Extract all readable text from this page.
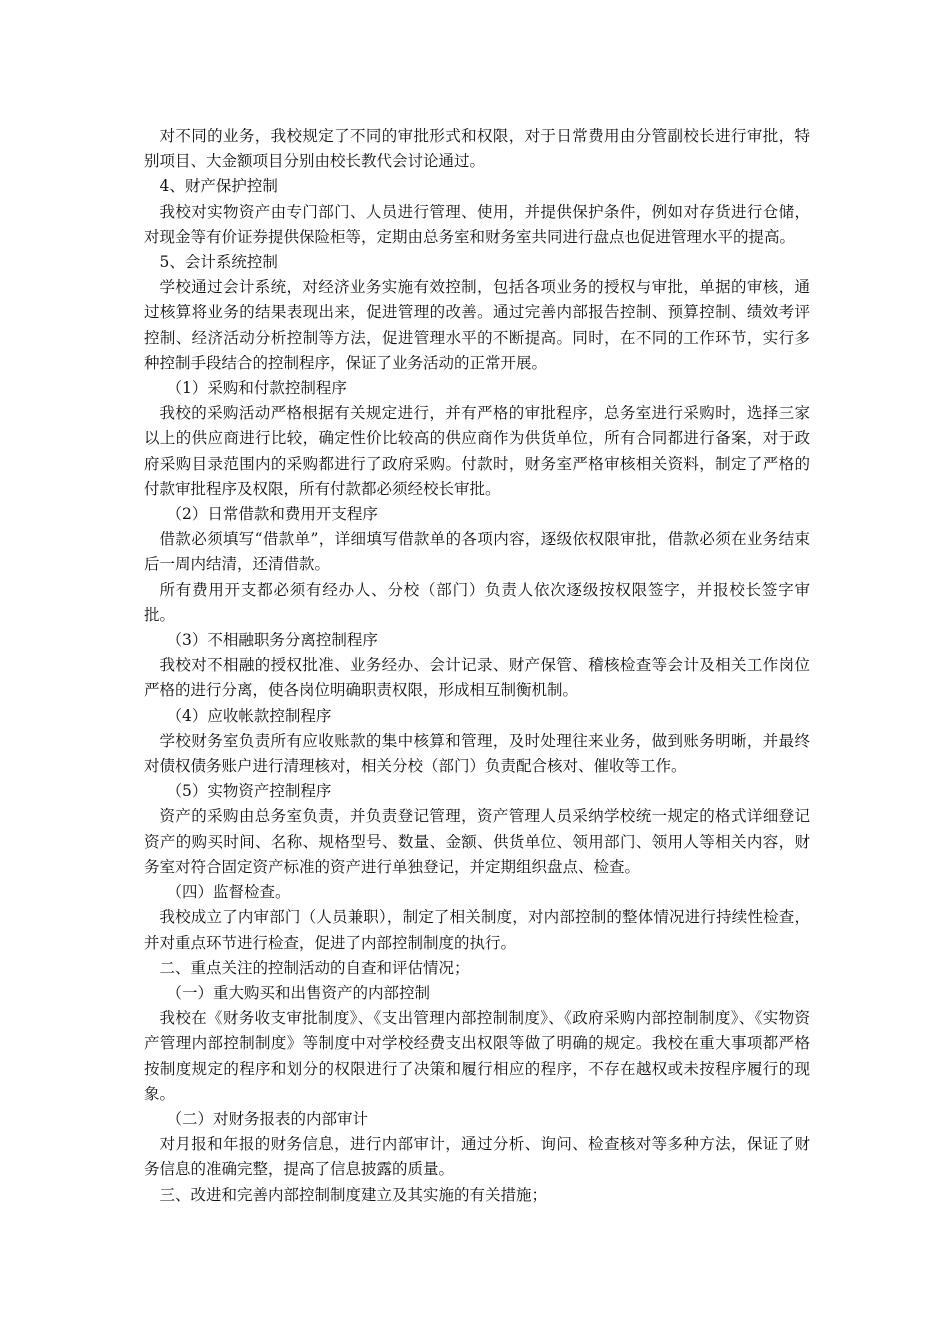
对不同的业务，我校规定了不同的审批形式和权限，对于日常费用由分管副校长进行审批，特别项目、大金额项目分别由校长教代会讨论通过。

4、财产保护控制

我校对实物资产由专门部门、人员进行管理、使用，并提供保护条件，例如对存货进行仓储，对现金等有价证券提供保险柜等，定期由总务室和财务室共同进行盘点也促进管理水平的提高。

5、会计系统控制

学校通过会计系统，对经济业务实施有效控制，包括各项业务的授权与审批，单据的审核，通过核算将业务的结果表现出来，促进管理的改善。通过完善内部报告控制、预算控制、绩效考评控制、经济活动分析控制等方法，促进管理水平的不断提高。同时，在不同的工作环节，实行多种控制手段结合的控制程序，保证了业务活动的正常开展。

（1）采购和付款控制程序

我校的采购活动严格根据有关规定进行，并有严格的审批程序，总务室进行采购时，选择三家以上的供应商进行比较，确定性价比较高的供应商作为供货单位，所有合同都进行备案，对于政府采购目录范围内的采购都进行了政府采购。付款时，财务室严格审核相关资料，制定了严格的付款审批程序及权限，所有付款都必须经校长审批。

（2）日常借款和费用开支程序

借款必须填写“借款单”，详细填写借款单的各项内容，逐级依权限审批，借款必须在业务结束后一周内结清，还清借款。

所有费用开支都必须有经办人、分校（部门）负责人依次逐级按权限签字，并报校长签字审批。

（3）不相融职务分离控制程序

我校对不相融的授权批准、业务经办、会计记录、财产保管、稽核检查等会计及相关工作岗位严格的进行分离，使各岗位明确职责权限，形成相互制衡机制。

（4）应收帐款控制程序

学校财务室负责所有应收账款的集中核算和管理，及时处理往来业务，做到账务明晰，并最终对债权债务账户进行清理核对，相关分校（部门）负责配合核对、催收等工作。

（5）实物资产控制程序

资产的采购由总务室负责，并负责登记管理，资产管理人员采纳学校统一规定的格式详细登记资产的购买时间、名称、规格型号、数量、金额、供货单位、领用部门、领用人等相关内容，财务室对符合固定资产标准的资产进行单独登记，并定期组织盘点、检查。

（四）监督检查。

我校成立了内审部门（人员兼职），制定了相关制度，对内部控制的整体情况进行持续性检查，并对重点环节进行检查，促进了内部控制制度的执行。

二、重点关注的控制活动的自查和评估情况；

（一）重大购买和出售资产的内部控制

我校在《财务收支审批制度》、《支出管理内部控制制度》、《政府采购内部控制制度》、《实物资产管理内部控制制度》等制度中对学校经费支出权限等做了明确的规定。我校在重大事项都严格按制度规定的程序和划分的权限进行了决策和履行相应的程序，不存在越权或未按程序履行的现象。

（二）对财务报表的内部审计

对月报和年报的财务信息，进行内部审计，通过分析、询问、检查核对等多种方法，保证了财务信息的准确完整，提高了信息披露的质量。

三、改进和完善内部控制制度建立及其实施的有关措施；
